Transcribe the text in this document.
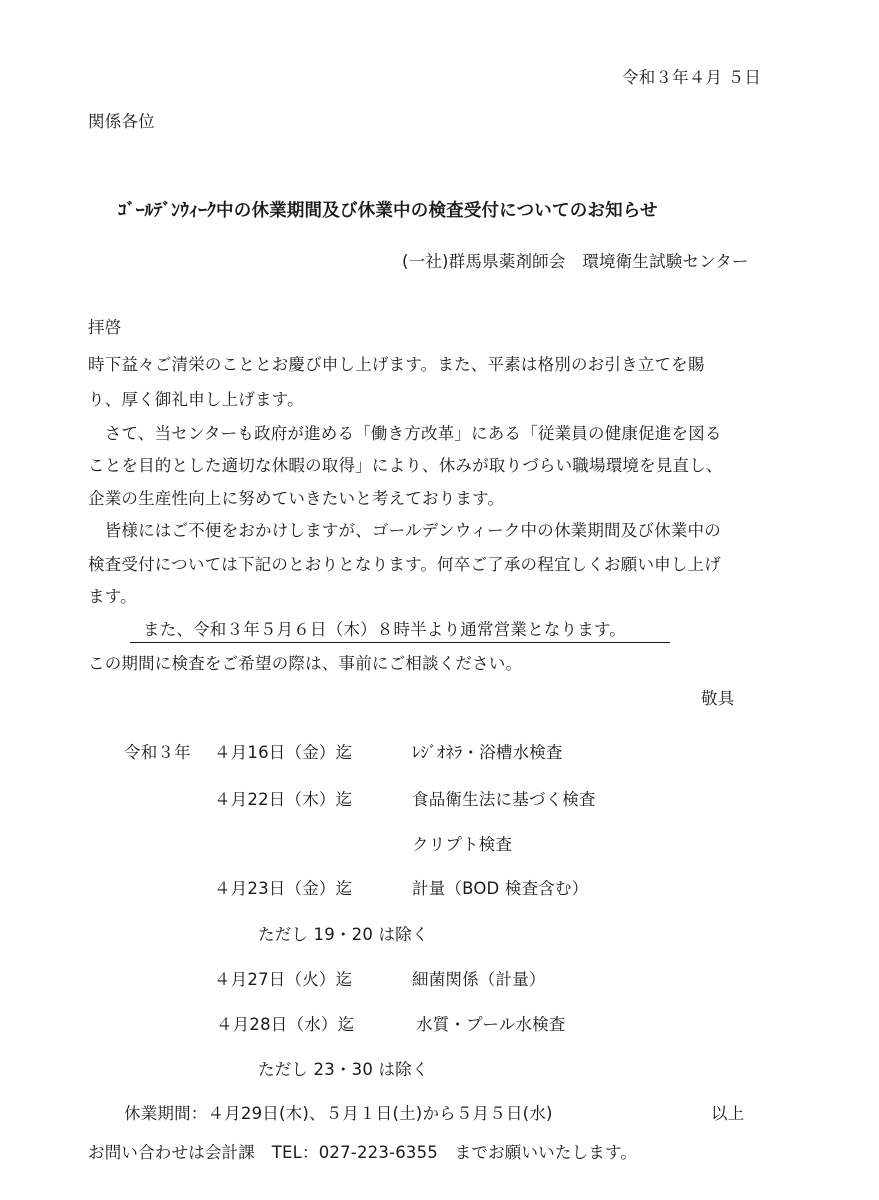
令和３年４月 ５日
関係各位
ｺﾞｰﾙﾃﾞﾝｳｨｰｸ中の休業期間及び休業中の検査受付についてのお知らせ
(一社)群馬県薬剤師会　環境衛生試験センター
拝啓
時下益々ご清栄のこととお慶び申し上げます。また、平素は格別のお引き立てを賜
り、厚く御礼申し上げます。
　さて、当センターも政府が進める「働き方改革」にある「従業員の健康促進を図る
ことを目的とした適切な休暇の取得」により、休みが取りづらい職場環境を見直し、
企業の生産性向上に努めていきたいと考えております。
　皆様にはご不便をおかけしますが、ゴールデンウィーク中の休業期間及び休業中の
検査受付については下記のとおりとなります。何卒ご了承の程宜しくお願い申し上げ
ます。
また、令和３年５月６日（木）８時半より通常営業となります。
この期間に検査をご希望の際は、事前にご相談ください。
敬具
令和３年 ４月16日（金）迄	ﾚｼﾞｵﾈﾗ・浴槽水検査
４月22日（木）迄	食品衛生法に基づく検査
クリプト検査
４月23日（金）迄	計量（BOD 検査含む）
ただし 19・20 は除く
４月27日（火）迄	細菌関係（計量）
４月28日（水）迄	水質・プール水検査
ただし 23・30 は除く
休業期間：４月29日(木)、５月１日(土)から５月５日(水)	以上
お問い合わせは会計課　TEL：027-223-6355　までお願いいたします。
